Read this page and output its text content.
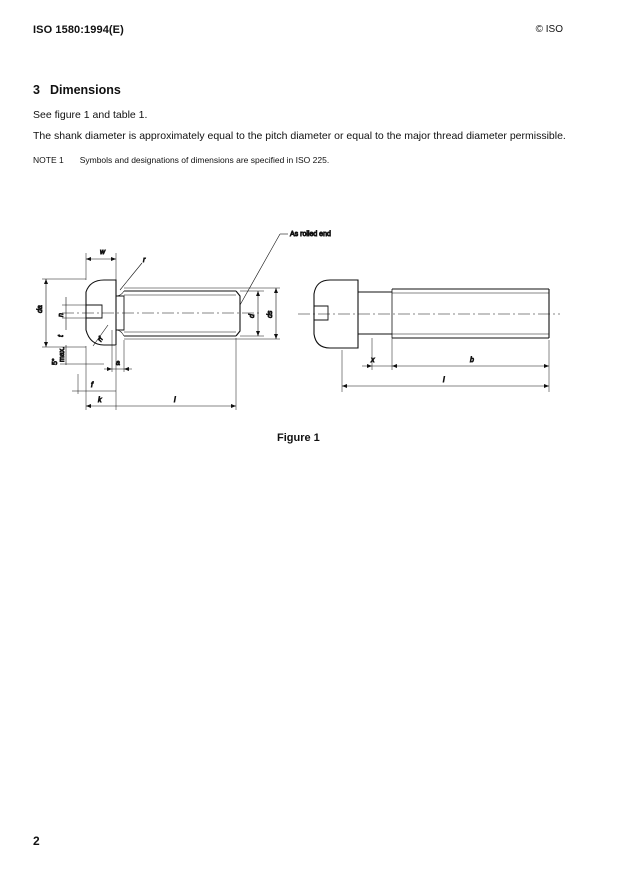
ISO 1580:1994(E)	© ISO
3 Dimensions
See figure 1 and table 1.
The shank diameter is approximately equal to the pitch diameter or equal to the major thread diameter permissible.
NOTE 1 Symbols and designations of dimensions are specified in ISO 225.
As rolled end
w
r
rf
da
n
t
max.
5°	a
f
k	l
d ds
x	b
l
Figure 1
2
